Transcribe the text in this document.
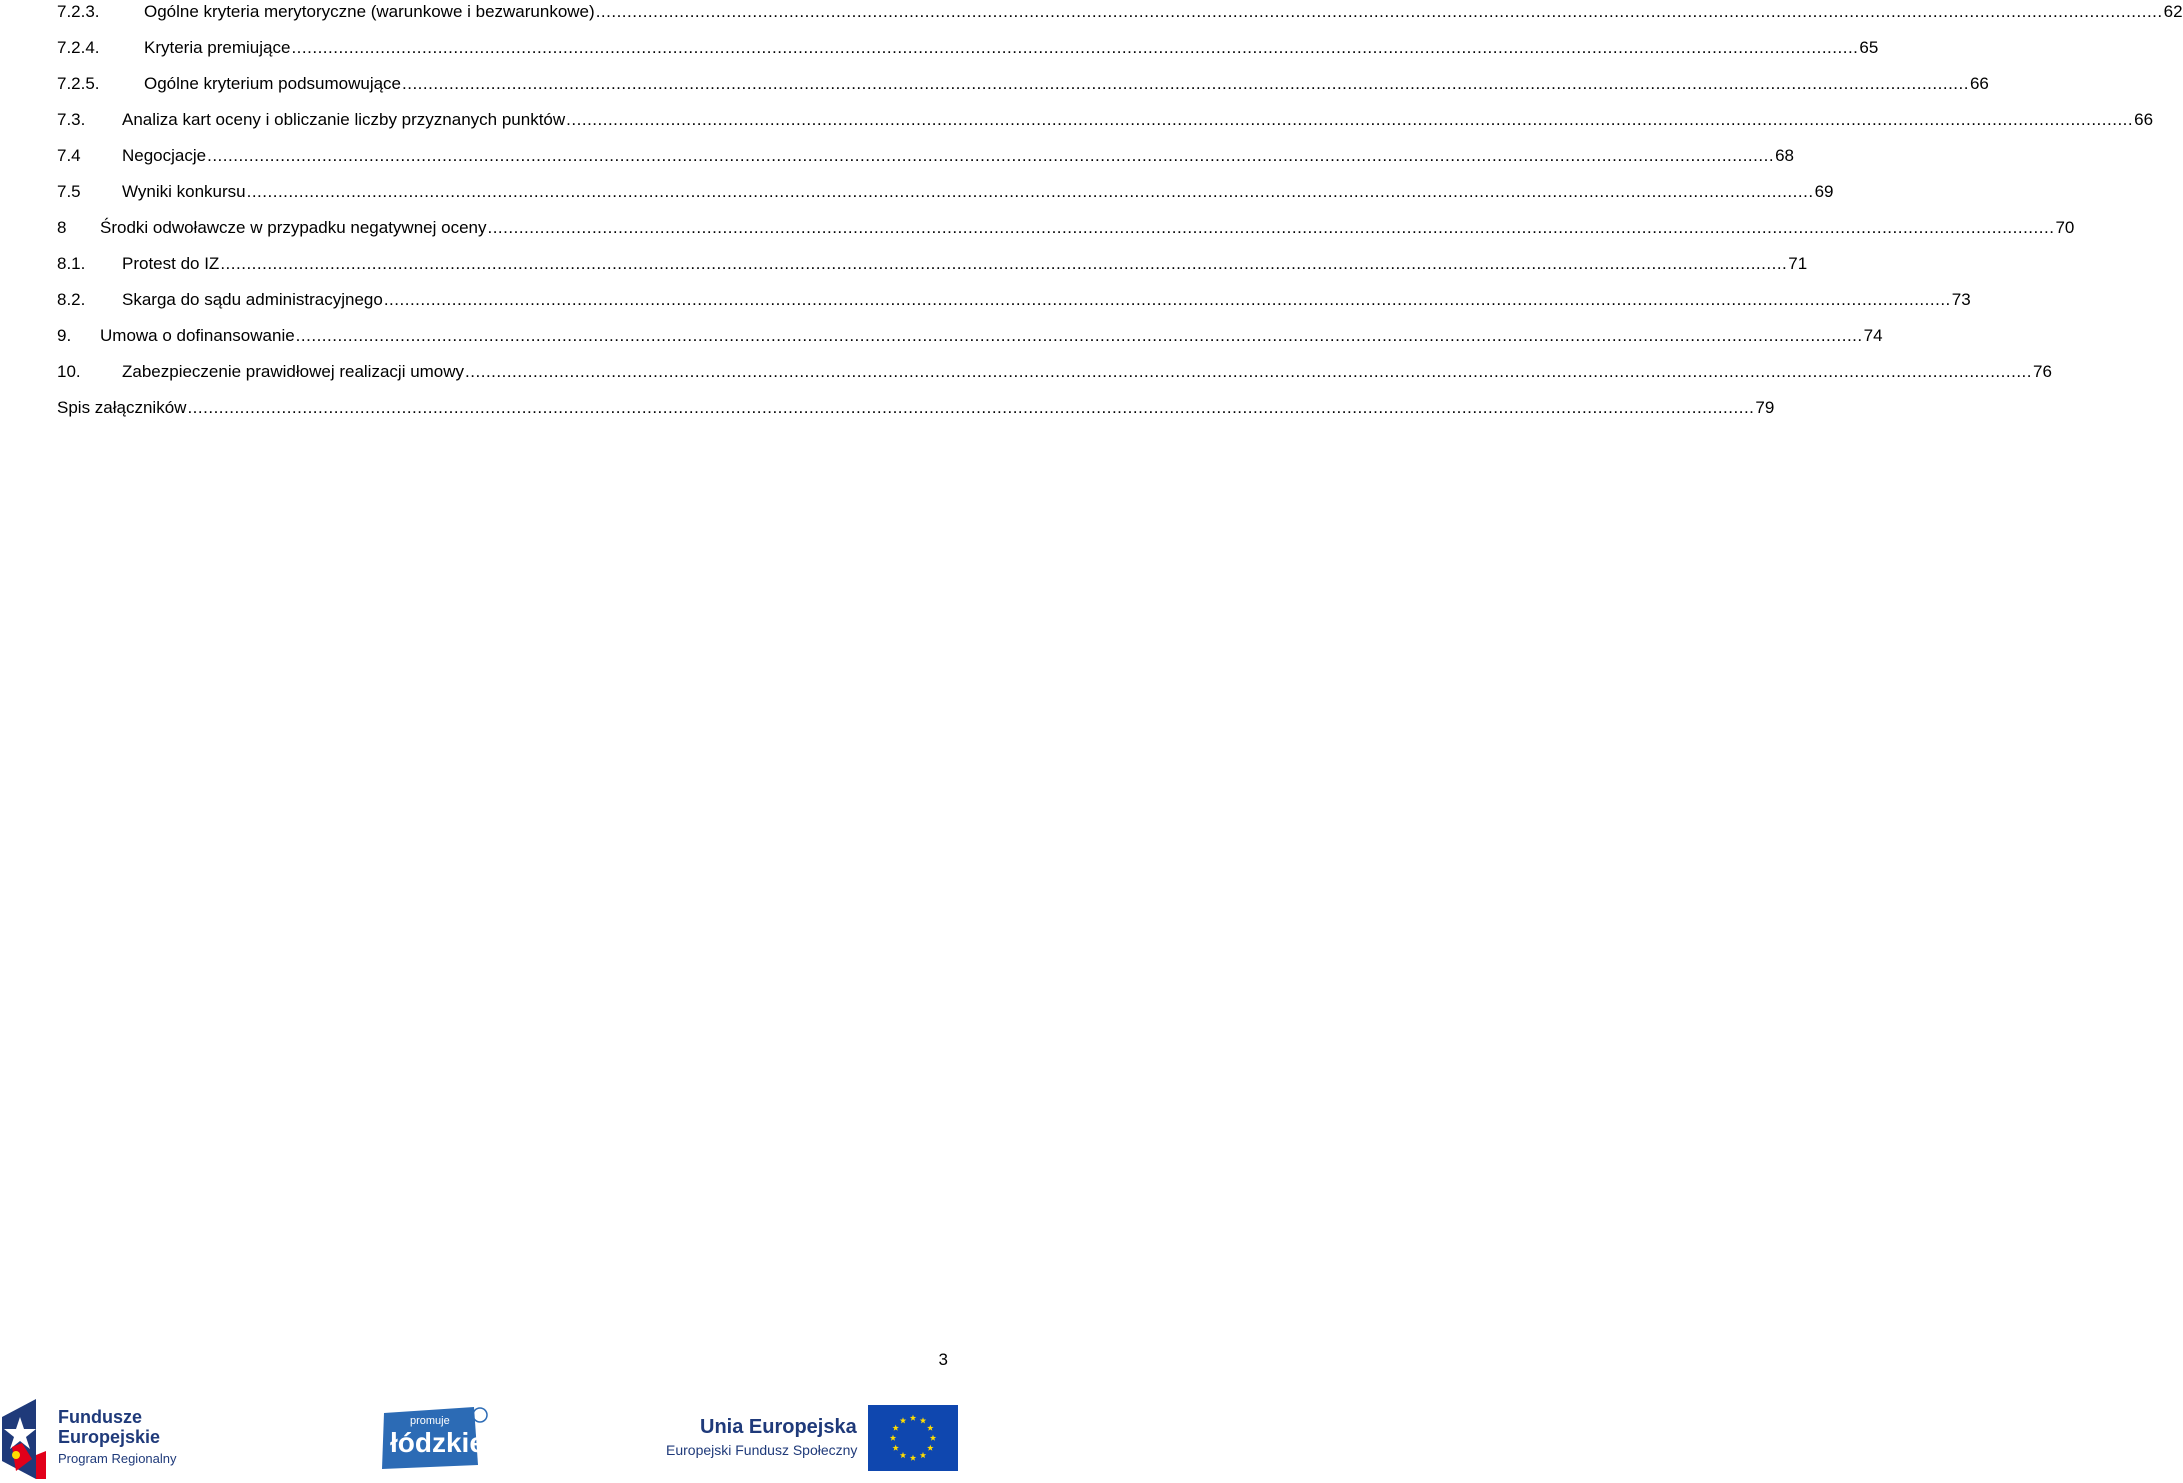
7.2.3.	Ogólne kryteria merytoryczne (warunkowe i bezwarunkowe) ............................................................................................................................................................................................................................................................................................................ 62
7.2.4.	Kryteria premiujące ............................................................................................................................................................................................................................................................................................................ 65
7.2.5.	Ogólne kryterium podsumowujące ............................................................................................................................................................................................................................................................................................................ 66
7.3.	Analiza kart oceny i obliczanie liczby przyznanych punktów ............................................................................................................................................................................................................................................................................................................ 66
7.4	Negocjacje ............................................................................................................................................................................................................................................................................................................ 68
7.5	Wyniki konkursu ............................................................................................................................................................................................................................................................................................................ 69
8	Środki odwoławcze w przypadku negatywnej oceny ............................................................................................................................................................................................................................................................................................................ 70
8.1.	Protest do IZ ............................................................................................................................................................................................................................................................................................................ 71
8.2.	Skarga do sądu administracyjnego ............................................................................................................................................................................................................................................................................................................ 73
9.	Umowa o dofinansowanie ............................................................................................................................................................................................................................................................................................................ 74
10.	Zabezpieczenie prawidłowej realizacji umowy ............................................................................................................................................................................................................................................................................................................ 76
Spis załączników ............................................................................................................................................................................................................................................................................................................ 79
3
Fundusze
Europejskie
Program Regionalny
promuje
łódzkie	Unia Europejska
Europejski Fundusz Społeczny
